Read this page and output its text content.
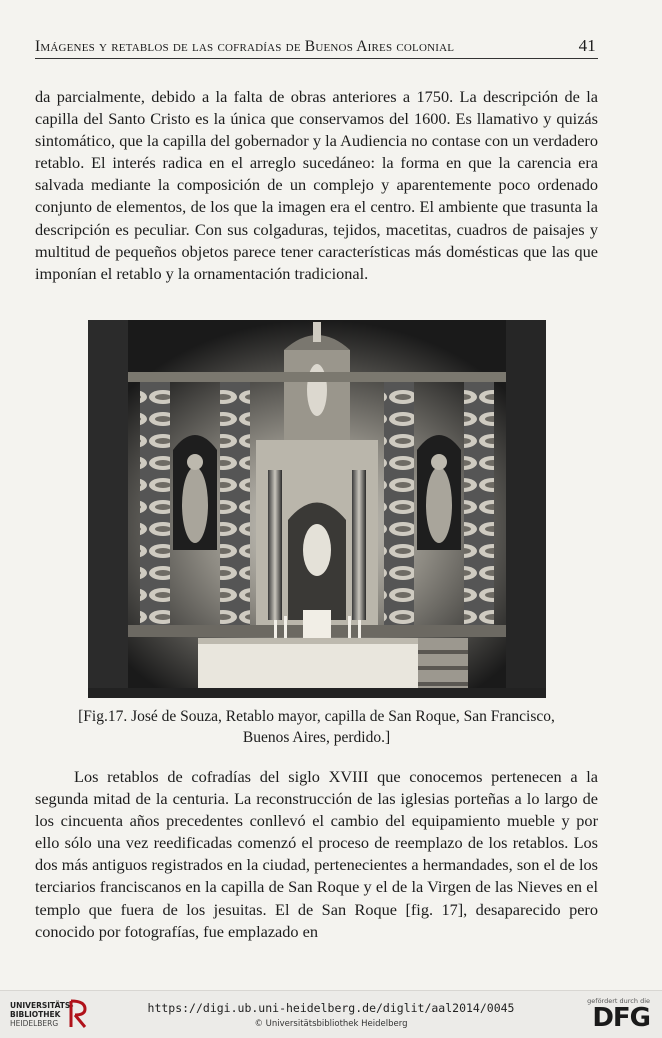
Imágenes y retablos de las cofradías de Buenos Aires colonial	41

da parcialmente, debido a la falta de obras anteriores a 1750. La descripción de la capilla del Santo Cristo es la única que conservamos del 1600. Es llamativo y quizás sintomático, que la capilla del gobernador y la Audiencia no contase con un verdadero retablo. El interés radica en el arreglo sucedáneo: la forma en que la carencia era salvada mediante la composición de un complejo y aparentemente poco ordenado conjunto de elementos, de los que la imagen era el centro. El ambiente que trasunta la descripción es peculiar. Con sus colgaduras, tejidos, macetitas, cuadros de paisajes y multitud de pequeños objetos parece tener características más domésticas que las que imponían el retablo y la ornamentación tradicional.

[Fig.17. José de Souza, Retablo mayor, capilla de San Roque, San Francisco,
Buenos Aires, perdido.]

Los retablos de cofradías del siglo XVIII que conocemos pertenecen a la segunda mitad de la centuria. La reconstrucción de las iglesias porteñas a lo largo de los cincuenta años precedentes conllevó el cambio del equipamiento mueble y por ello sólo una vez reedificadas comenzó el proceso de reemplazo de los retablos. Los dos más antiguos registrados en la ciudad, pertenecientes a hermandades, son el de los terciarios franciscanos en la capilla de San Roque y el de la Virgen de las Nieves en el templo que fuera de los jesuitas. El de San Roque [fig. 17], desaparecido pero conocido por fotografías, fue emplazado en

UNIVERSITÄTS-
BIBLIOTHEK
HEIDELBERG
https://digi.ub.uni-heidelberg.de/diglit/aal2014/0045
© Universitätsbibliothek Heidelberg
gefördert durch die
DFG
